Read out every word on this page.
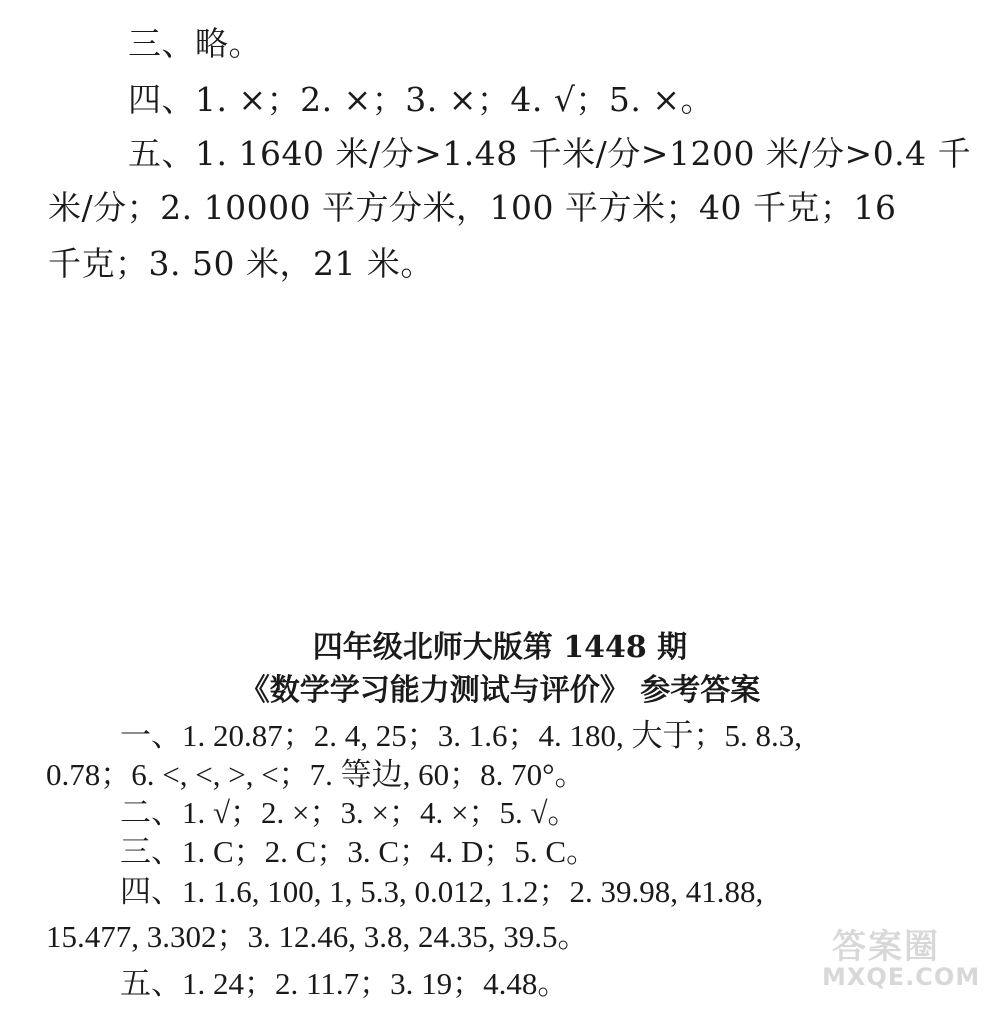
三、略。
四、1. ×；2. ×；3. ×；4. √；5. ×。
五、1. 1640 米/分>1.48 千米/分>1200 米/分>0.4 千
米/分；2. 10000 平方分米，100 平方米；40 千克；16
千克；3. 50 米，21 米。
四年级北师大版第 1448 期
《数学学习能力测试与评价》 参考答案
一、1. 20.87；2. 4, 25；3. 1.6；4. 180, 大于；5. 8.3,
0.78；6. <, <, >, <；7. 等边, 60；8. 70°。
二、1. √；2. ×；3. ×；4. ×；5. √。
三、1. C；2. C；3. C；4. D；5. C。
四、1. 1.6, 100, 1, 5.3, 0.012, 1.2；2. 39.98, 41.88,
15.477, 3.302；3. 12.46, 3.8, 24.35, 39.5。
五、1. 24；2. 11.7；3. 19；4.48。
答案圈
MXQE.COM
